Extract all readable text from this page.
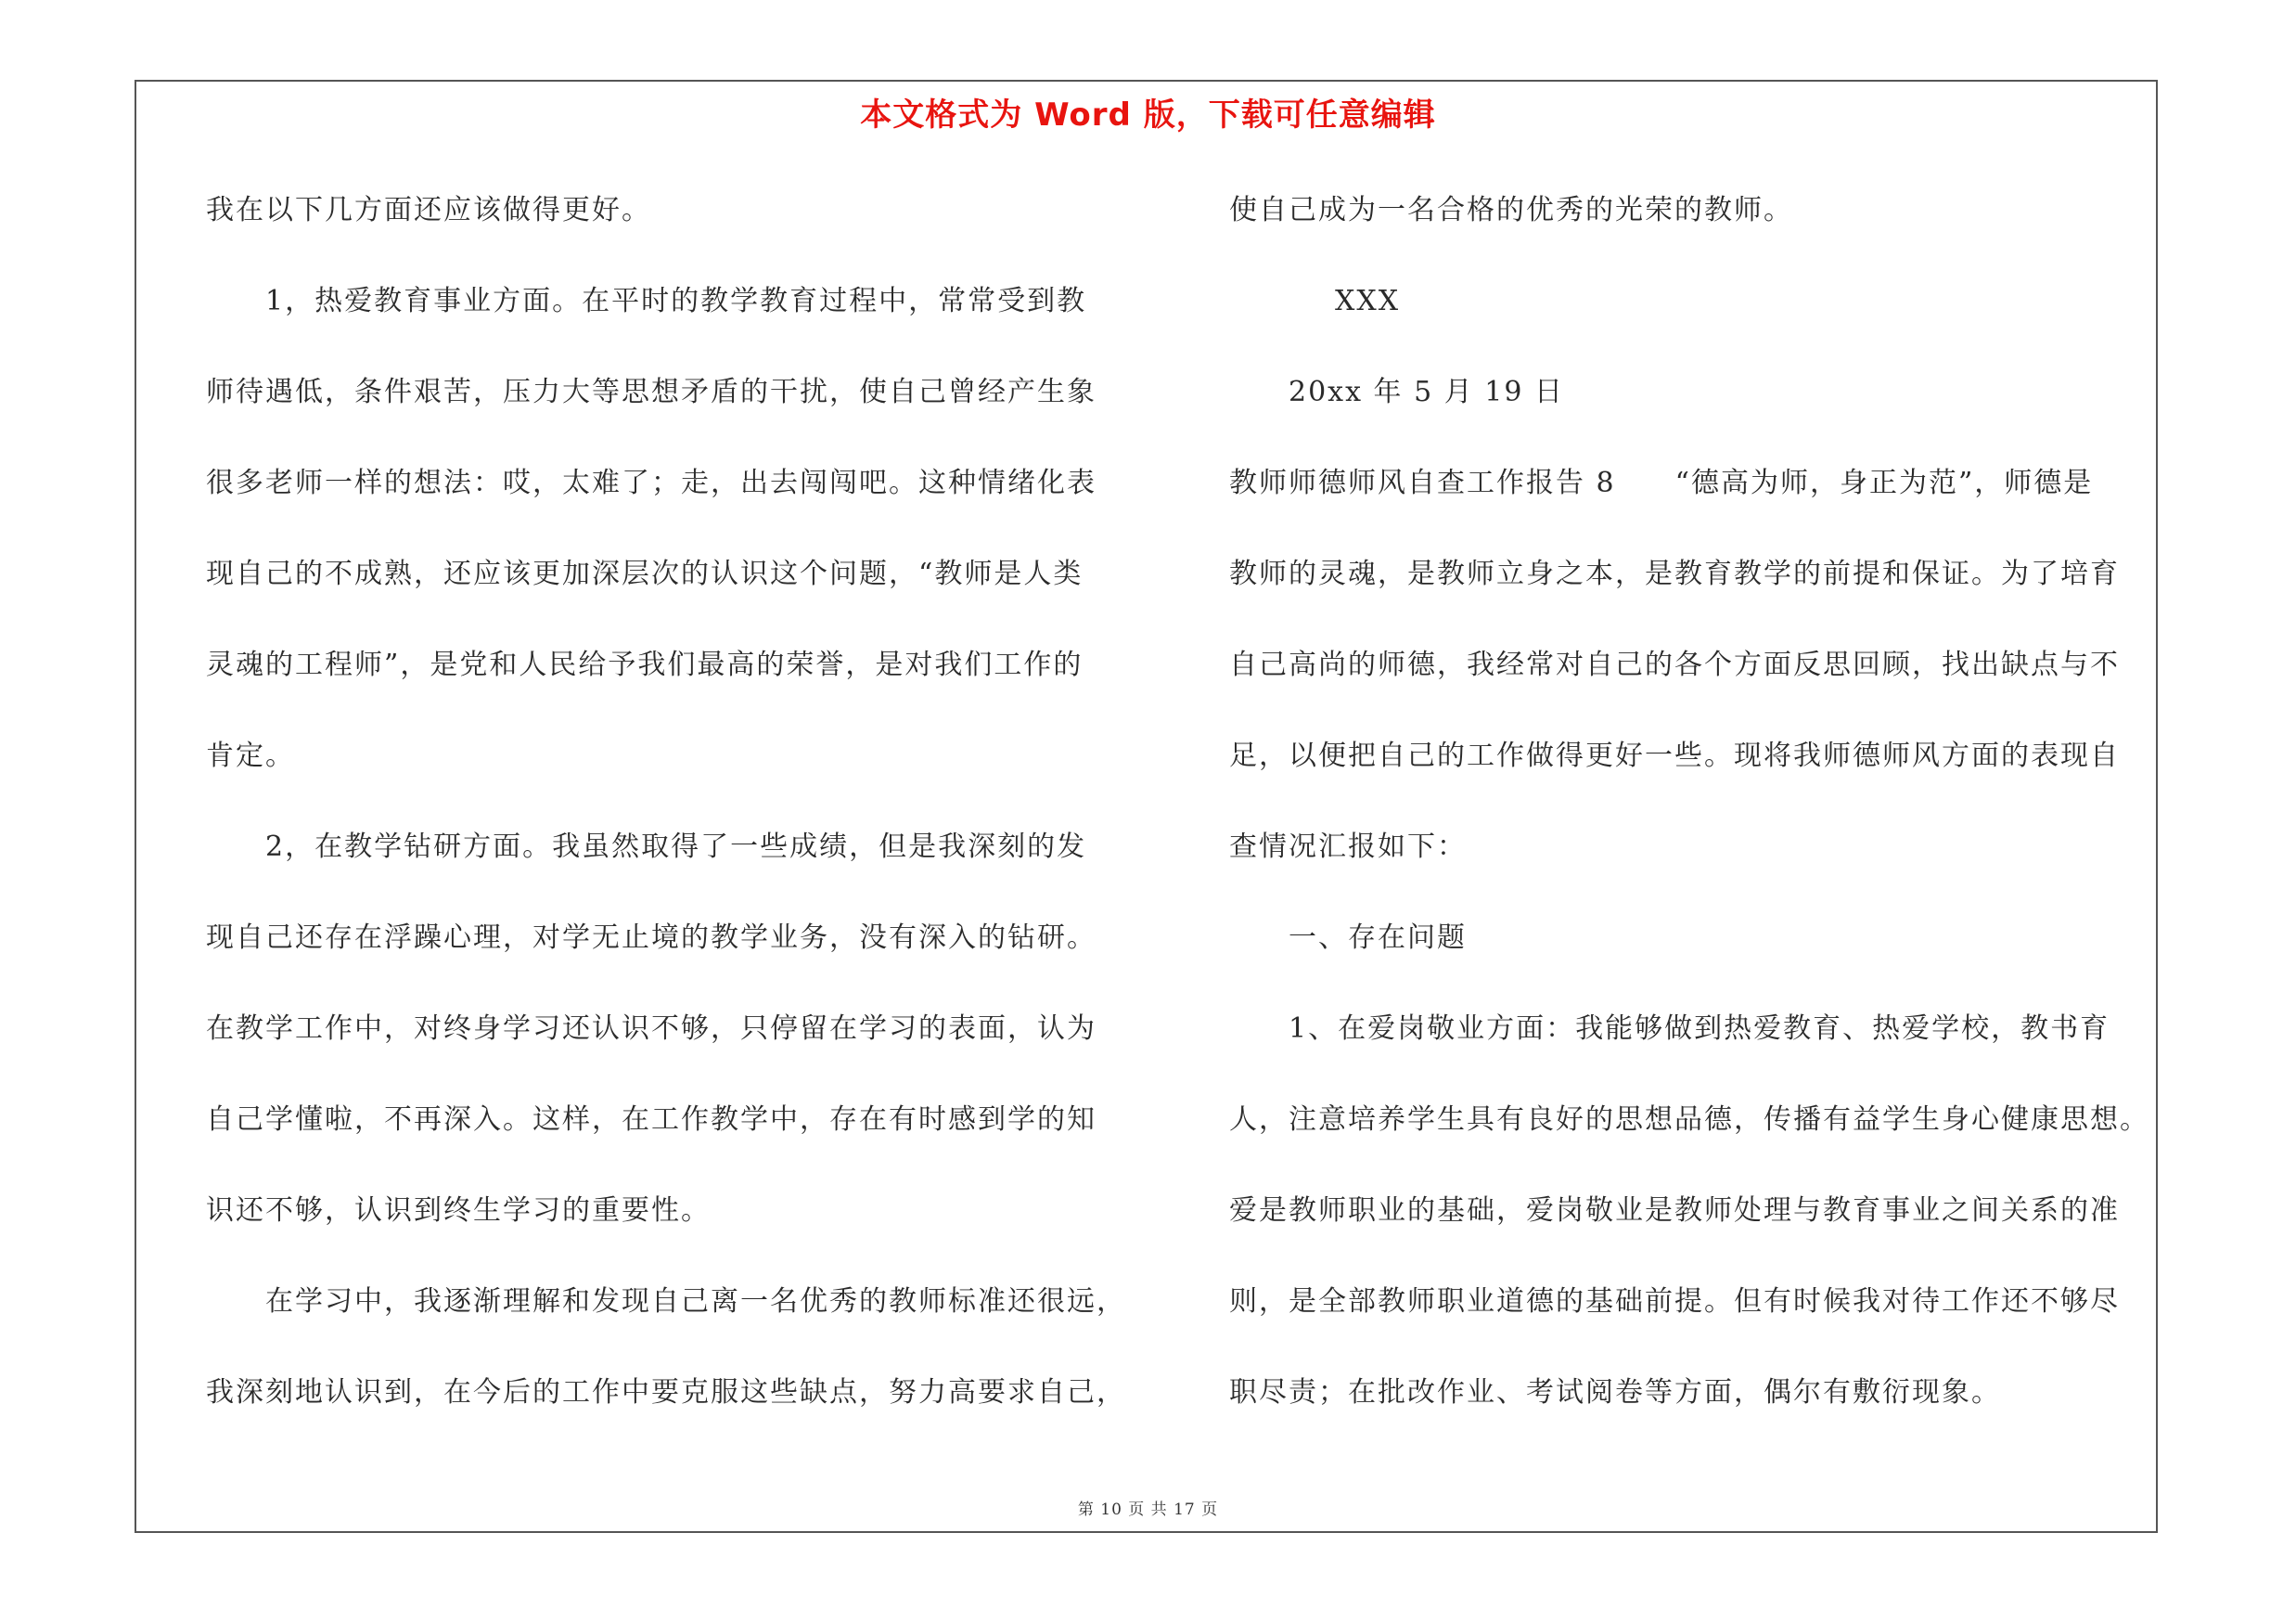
本文格式为 Word 版，下载可任意编辑
我在以下几方面还应该做得更好。
1，热爱教育事业方面。在平时的教学教育过程中，常常受到教
师待遇低，条件艰苦，压力大等思想矛盾的干扰，使自己曾经产生象
很多老师一样的想法：哎，太难了；走，出去闯闯吧。这种情绪化表
现自己的不成熟，还应该更加深层次的认识这个问题，“教师是人类
灵魂的工程师”，是党和人民给予我们最高的荣誉，是对我们工作的
肯定。
2，在教学钻研方面。我虽然取得了一些成绩，但是我深刻的发
现自己还存在浮躁心理，对学无止境的教学业务，没有深入的钻研。
在教学工作中，对终身学习还认识不够，只停留在学习的表面，认为
自己学懂啦，不再深入。这样，在工作教学中，存在有时感到学的知
识还不够，认识到终生学习的重要性。
在学习中，我逐渐理解和发现自己离一名优秀的教师标准还很远，
我深刻地认识到，在今后的工作中要克服这些缺点，努力高要求自己，
使自己成为一名合格的优秀的光荣的教师。
XXX
20xx 年 5 月 19 日
教师师德师风自查工作报告 8　　“德高为师，身正为范”，师德是
教师的灵魂，是教师立身之本，是教育教学的前提和保证。为了培育
自己高尚的师德，我经常对自己的各个方面反思回顾，找出缺点与不
足，以便把自己的工作做得更好一些。现将我师德师风方面的表现自
查情况汇报如下：
一、存在问题
1、在爱岗敬业方面：我能够做到热爱教育、热爱学校，教书育
人，注意培养学生具有良好的思想品德，传播有益学生身心健康思想。
爱是教师职业的基础，爱岗敬业是教师处理与教育事业之间关系的准
则，是全部教师职业道德的基础前提。但有时候我对待工作还不够尽
职尽责；在批改作业、考试阅卷等方面，偶尔有敷衍现象。
第 10 页 共 17 页
